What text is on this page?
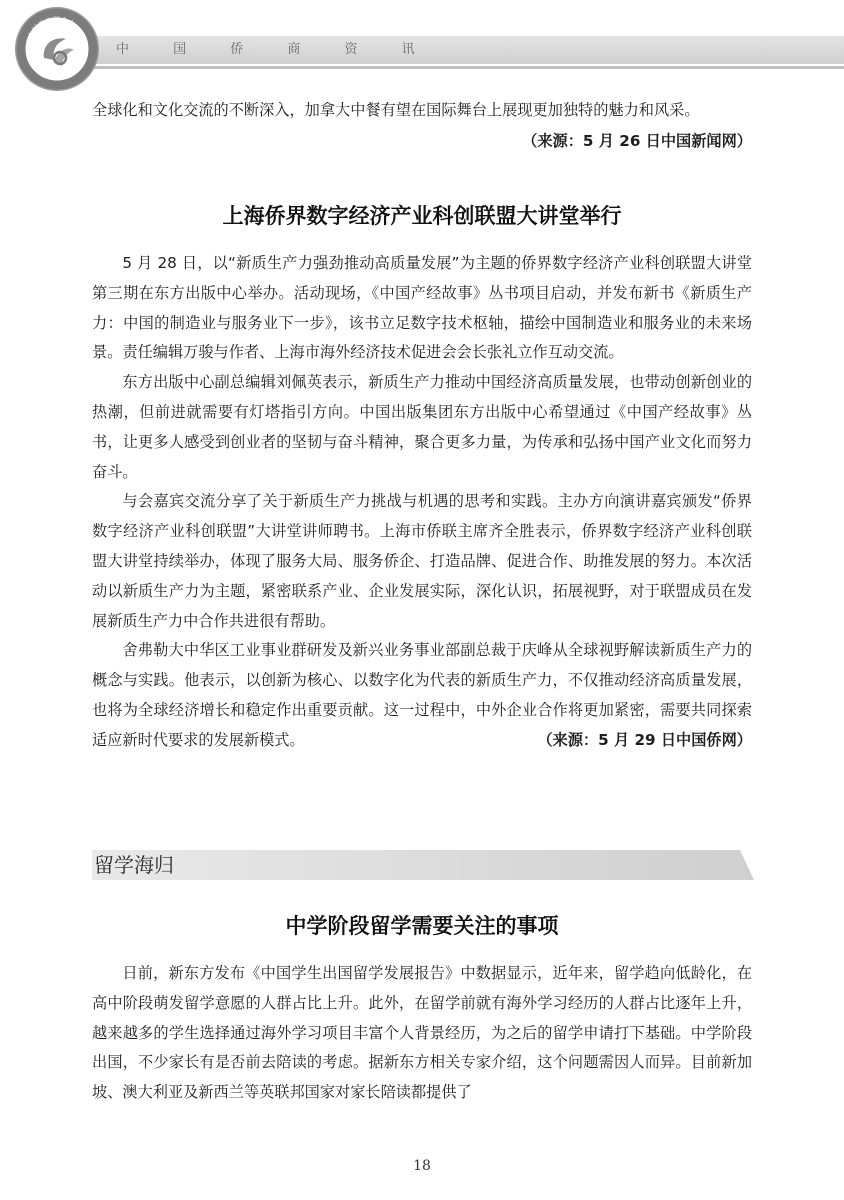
中 国 侨 商 资 讯
中国侨商联合会

全球化和文化交流的不断深入，加拿大中餐有望在国际舞台上展现更加独特的魅力和风采。

（来源：5 月 26 日中国新闻网）
上海侨界数字经济产业科创联盟大讲堂举行

5 月 28 日，以“新质生产力强劲推动高质量发展”为主题的侨界数字经济产业科创联盟大讲堂第三期在东方出版中心举办。活动现场，《中国产经故事》丛书项目启动，并发布新书《新质生产力：中国的制造业与服务业下一步》，该书立足数字技术枢轴，描绘中国制造业和服务业的未来场景。责任编辑万骏与作者、上海市海外经济技术促进会会长张礼立作互动交流。

东方出版中心副总编辑刘佩英表示，新质生产力推动中国经济高质量发展，也带动创新创业的热潮，但前进就需要有灯塔指引方向。中国出版集团东方出版中心希望通过《中国产经故事》丛书，让更多人感受到创业者的坚韧与奋斗精神，聚合更多力量，为传承和弘扬中国产业文化而努力奋斗。

与会嘉宾交流分享了关于新质生产力挑战与机遇的思考和实践。主办方向演讲嘉宾颁发“侨界数字经济产业科创联盟”大讲堂讲师聘书。上海市侨联主席齐全胜表示，侨界数字经济产业科创联盟大讲堂持续举办，体现了服务大局、服务侨企、打造品牌、促进合作、助推发展的努力。本次活动以新质生产力为主题，紧密联系产业、企业发展实际，深化认识，拓展视野，对于联盟成员在发展新质生产力中合作共进很有帮助。

舍弗勒大中华区工业事业群研发及新兴业务事业部副总裁于庆峰从全球视野解读新质生产力的概念与实践。他表示，以创新为核心、以数字化为代表的新质生产力，不仅推动经济高质量发展，也将为全球经济增长和稳定作出重要贡献。这一过程中，中外企业合作将更加紧密，需要共同探索适应新时代要求的发展新模式。	（来源：5 月 29 日中国侨网）

留学海归
中学阶段留学需要关注的事项

日前，新东方发布《中国学生出国留学发展报告》中数据显示，近年来，留学趋向低龄化，在高中阶段萌发留学意愿的人群占比上升。此外，在留学前就有海外学习经历的人群占比逐年上升，越来越多的学生选择通过海外学习项目丰富个人背景经历，为之后的留学申请打下基础。中学阶段出国，不少家长有是否前去陪读的考虑。据新东方相关专家介绍，这个问题需因人而异。目前新加坡、澳大利亚及新西兰等英联邦国家对家长陪读都提供了

18
